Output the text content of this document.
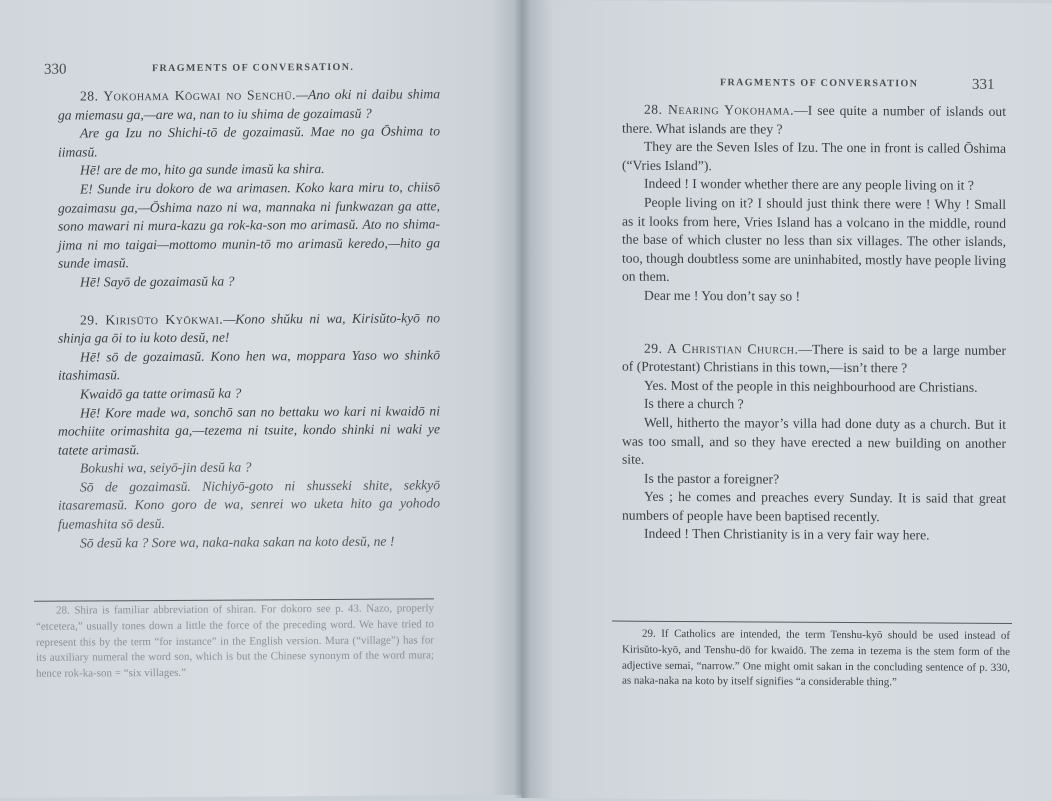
330	FRAGMENTS OF CONVERSATION.

28. Yokohama Kōgwai no Senchū.—Ano oki ni daibu shima ga miemasu ga,—are wa, nan to iu shima de gozaimasŭ ?

Are ga Izu no Shichi-tō de gozaimasŭ. Mae no ga Ōshima to iimasŭ.

Hē! are de mo, hito ga sunde imasŭ ka shira.

E! Sunde iru dokoro de wa arimasen. Koko kara miru to, chiisō gozaimasu ga,—Ōshima nazo ni wa, mannaka ni funkwazan ga atte, sono mawari ni mura-kazu ga rok-ka-son mo arimasŭ. Ato no shima-jima ni mo taigai—mottomo munin-tō mo arimasŭ keredo,—hito ga sunde imasŭ.

Hē! Sayō de gozaimasŭ ka ?

29. Kirisūto Kyōkwai.—Kono shŭku ni wa, Kirisŭto-kyō no shinja ga ōi to iu koto desŭ, ne!

Hē! sō de gozaimasŭ. Kono hen wa, moppara Yaso wo shinkō itashimasŭ.

Kwaidō ga tatte orimasŭ ka ?

Hē! Kore made wa, sonchō san no bettaku wo kari ni kwaidō ni mochiite orimashita ga,—tezema ni tsuite, kondo shinki ni waki ye tatete arimasŭ.

Bokushi wa, seiyō-jin desŭ ka ?

Sō de gozaimasŭ. Nichiyō-goto ni shusseki shite, sekkyō itasaremasŭ. Kono goro de wa, senrei wo uketa hito ga yohodo fuemashita sō desŭ.

Sō desŭ ka ? Sore wa, naka-naka sakan na koto desŭ, ne !

28. Shira is familiar abbreviation of shiran. For dokoro see p. 43. Nazo, properly “etcetera,” usually tones down a little the force of the preceding word. We have tried to represent this by the term “for instance” in the English version. Mura (“village”) has for its auxiliary numeral the word son, which is but the Chinese synonym of the word mura; hence rok-ka-son = “six villages.”

FRAGMENTS OF CONVERSATION	331

28. Nearing Yokohama.—I see quite a number of islands out there. What islands are they ?

They are the Seven Isles of Izu. The one in front is called Ōshima (“Vries Island”).

Indeed ! I wonder whether there are any people living on it ?

People living on it? I should just think there were ! Why ! Small as it looks from here, Vries Island has a volcano in the middle, round the base of which cluster no less than six villages. The other islands, too, though doubtless some are uninhabited, mostly have people living on them.

Dear me ! You don’t say so !

29. A Christian Church.—There is said to be a large number of (Protestant) Christians in this town,—isn’t there ?

Yes. Most of the people in this neighbourhood are Christians.

Is there a church ?

Well, hitherto the mayor’s villa had done duty as a church. But it was too small, and so they have erected a new building on another site.

Is the pastor a foreigner?

Yes ; he comes and preaches every Sunday. It is said that great numbers of people have been baptised recently.

Indeed ! Then Christianity is in a very fair way here.

29. If Catholics are intended, the term Tenshu-kyō should be used instead of Kirisŭto-kyō, and Tenshu-dō for kwaidō. The zema in tezema is the stem form of the adjective semai, “narrow.” One might omit sakan in the concluding sentence of p. 330, as naka-naka na koto by itself signifies “a considerable thing.”
